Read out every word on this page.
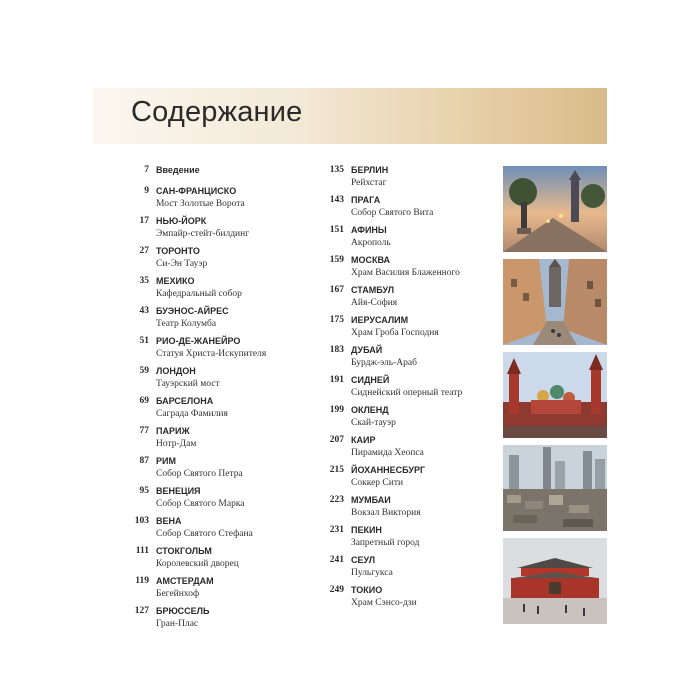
Содержание
7 Введение
9 САН-ФРАНЦИСКО
Мост Золотые Ворота
17 НЬЮ-ЙОРК
Эмпайр-стейт-билдинг
27 ТОРОНТО
Си-Эн Тауэр
35 МЕХИКО
Кафедральный собор
43 БУЭНОС-АЙРЕС
Театр Колумба
51 РИО-ДЕ-ЖАНЕЙРО
Статуя Христа-Искупителя
59 ЛОНДОН
Тауэрский мост
69 БАРСЕЛОНА
Саграда Фамилия
77 ПАРИЖ
Нотр-Дам
87 РИМ
Собор Святого Петра
95 ВЕНЕЦИЯ
Собор Святого Марка
103 ВЕНА
Собор Святого Стефана
111 СТОКГОЛЬМ
Королевский дворец
119 АМСТЕРДАМ
Бегейнхоф
127 БРЮССЕЛЬ
Гран-Плас
135 БЕРЛИН
Рейхстаг
143 ПРАГА
Собор Святого Вита
151 АФИНЫ
Акрополь
159 МОСКВА
Храм Василия Блаженного
167 СТАМБУЛ
Айя-София
175 ИЕРУСАЛИМ
Храм Гроба Господня
183 ДУБАЙ
Бурдж-эль-Араб
191 СИДНЕЙ
Сиднейский оперный театр
199 ОКЛЕНД
Скай-тауэр
207 КАИР
Пирамида Хеопса
215 ЙОХАННЕСБУРГ
Соккер Сити
223 МУМБАИ
Вокзал Виктория
231 ПЕКИН
Запретный город
241 СЕУЛ
Пульгукса
249 ТОКИО
Храм Сэнсо-дзи
